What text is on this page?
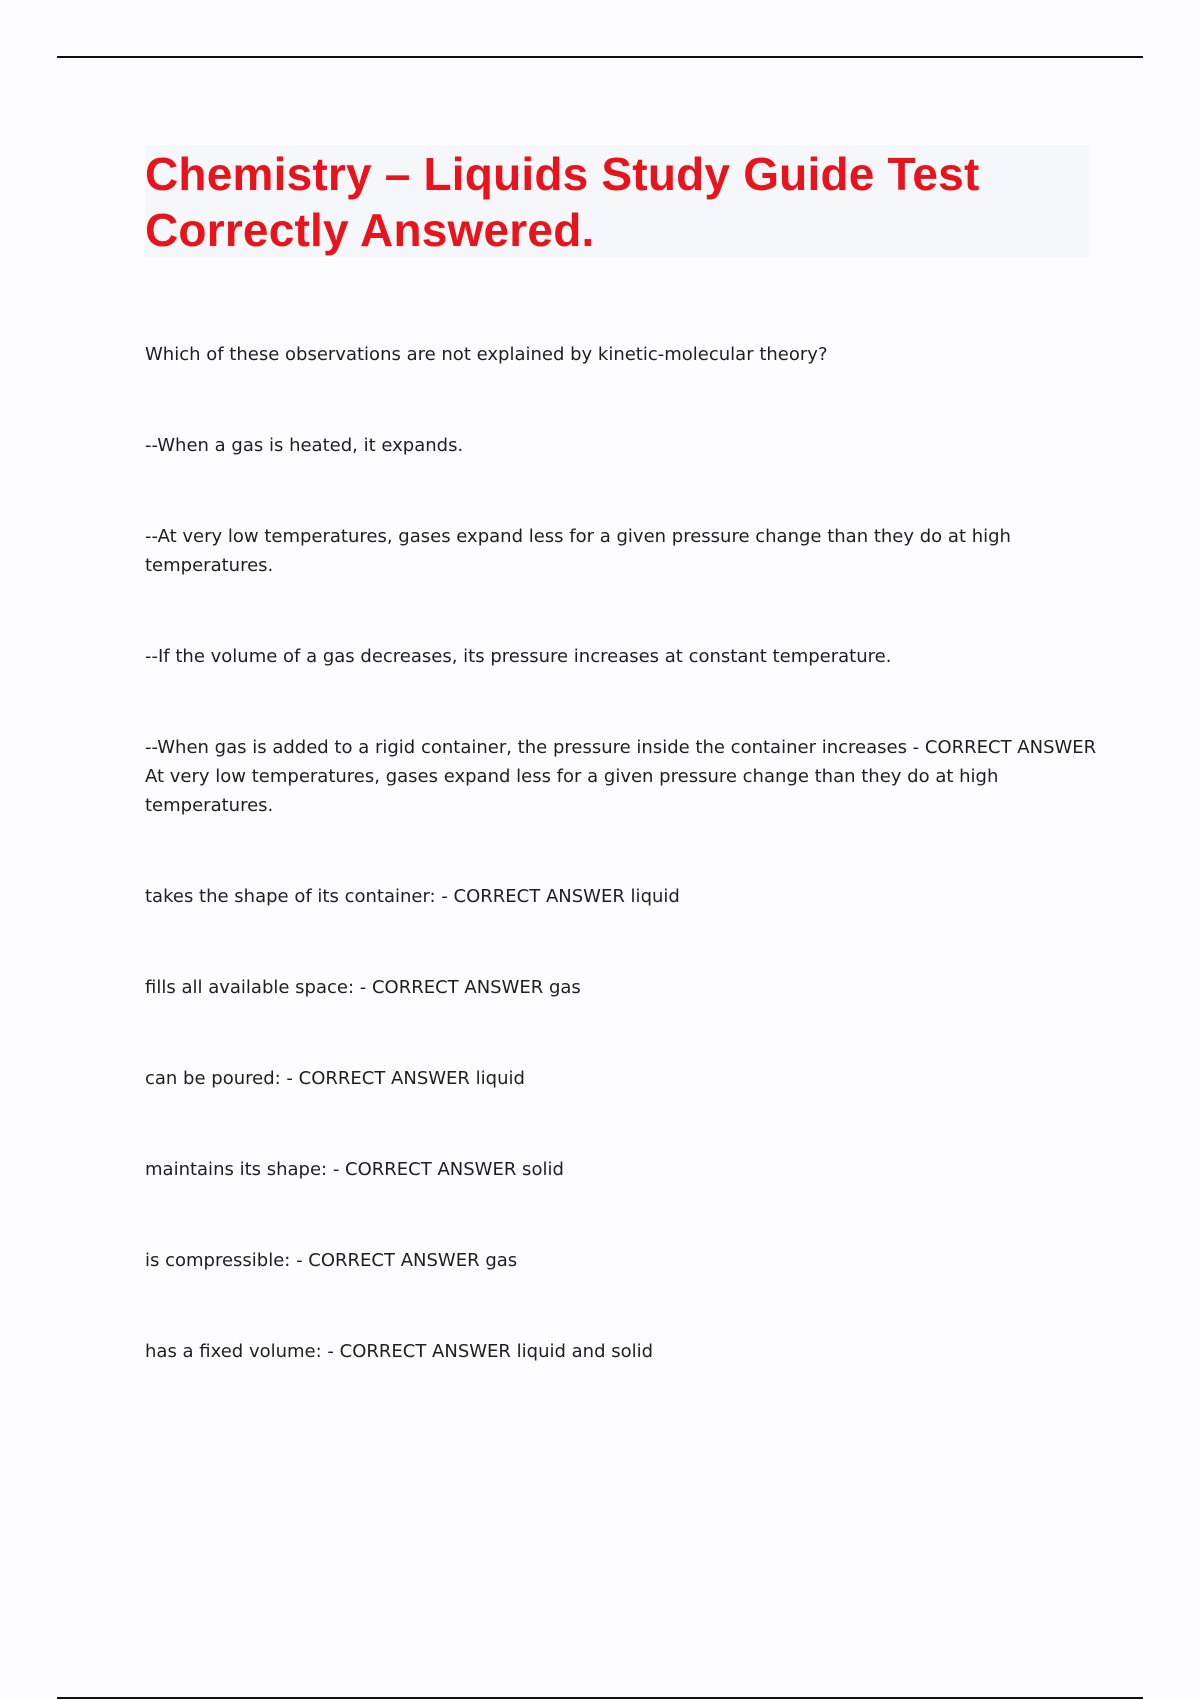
Chemistry – Liquids Study Guide Test Correctly Answered.
Which of these observations are not explained by kinetic-molecular theory?
--When a gas is heated, it expands.
--At very low temperatures, gases expand less for a given pressure change than they do at high temperatures.
--If the volume of a gas decreases, its pressure increases at constant temperature.
--When gas is added to a rigid container, the pressure inside the container increases - CORRECT ANSWER At very low temperatures, gases expand less for a given pressure change than they do at high temperatures.
takes the shape of its container: - CORRECT ANSWER liquid
fills all available space: - CORRECT ANSWER gas
can be poured: - CORRECT ANSWER liquid
maintains its shape: - CORRECT ANSWER solid
is compressible: - CORRECT ANSWER gas
has a fixed volume: - CORRECT ANSWER liquid and solid
